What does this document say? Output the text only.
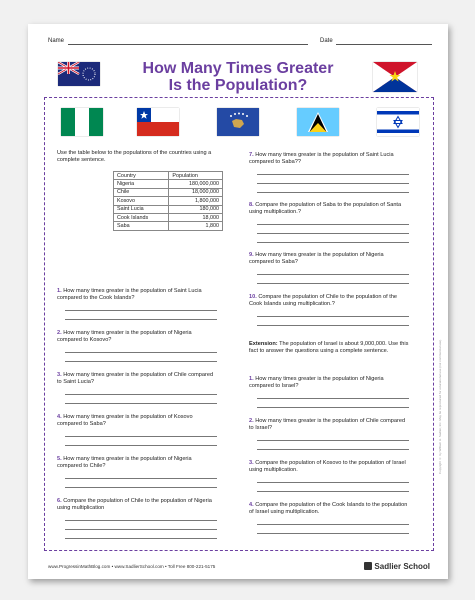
Name	Date
How Many Times Greater
Is the Population?
Use the table below to the populations of the countries using a complete sentence.
Country	Population
Nigeria	180,000,000
Chile	18,000,000
Kosovo	1,800,000
Saint Lucia	180,000
Cook Islands	18,000
Saba	1,800
1. How many times greater is the population of Saint Lucia compared to the Cook Islands?
2. How many times greater is the population of Nigeria compared to Kosovo?
3. How many times greater is the population of Chile compared to Saint Lucia?
4. How many times greater is the population of Kosovo compared to Saba?
5. How many times greater is the population of Nigeria compared to Chile?
6. Compare the population of Chile to the population of Nigeria using multiplication
7. How many times greater is the population of Saint Lucia compared to Saba??
8. Compare the population of Saba to the population of Santa using multiplication.?
9. How many times greater is the population of Nigeria compared to Saba?
10. Compare the population of Chile to the population of the Cook Islands using multiplication.?
Extension: The population of Israel is about 9,000,000. Use this fact to answer the questions using a complete sentence.
1. How many times greater is the population of Nigeria compared to Israel?
2. How many times greater is the population of Chile compared to Israel?
3. Compare the population of Kosovo to the population of Israel using multiplication.
4. Compare the population of the Cook Islands to the population of Israel using multiplication.
Copyright © by William H. Sadlier, Inc. May be reproduced for educational use (not commercial use).
www.ProgressinMathBlog.com • www.SadlierSchool.com • Toll Free 800-221-5175	Sadlier School
